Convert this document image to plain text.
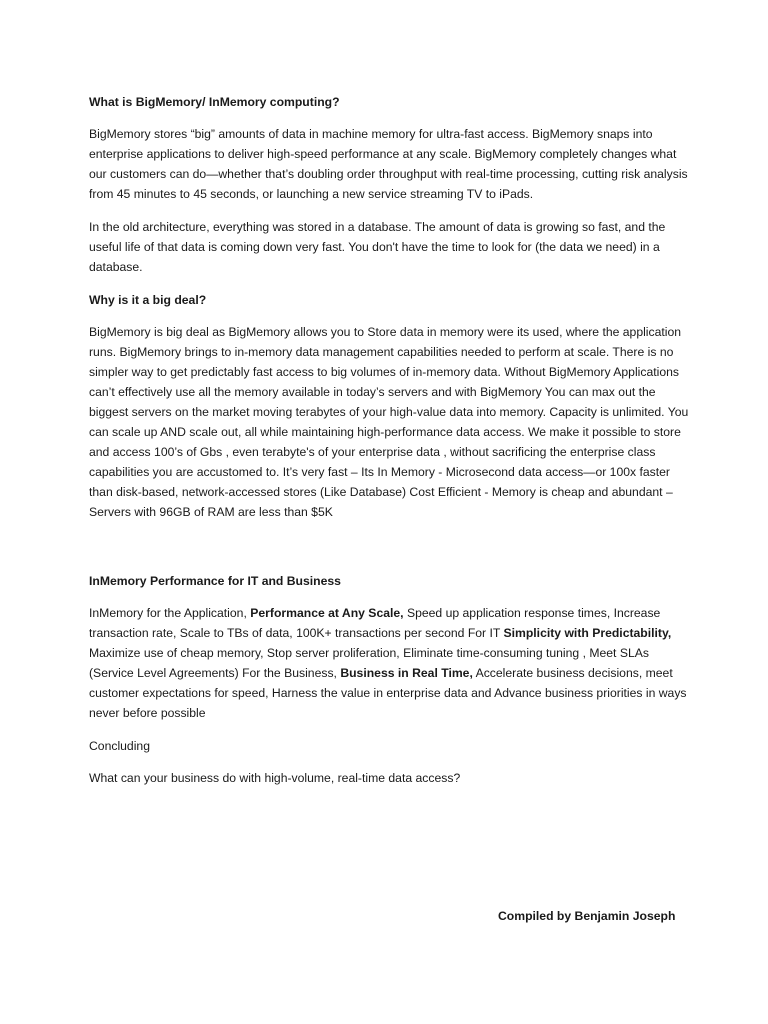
What is BigMemory/ InMemory computing?

BigMemory stores “big” amounts of data in machine memory for ultra-fast access. BigMemory snaps into enterprise applications to deliver high-speed performance at any scale. BigMemory completely changes what our customers can do—whether that’s doubling order throughput with real-time processing, cutting risk analysis from 45 minutes to 45 seconds, or launching a new service streaming TV to iPads.

In the old architecture, everything was stored in a database. The amount of data is growing so fast, and the useful life of that data is coming down very fast. You don't have the time to look for (the data we need) in a database.

Why is it a big deal?

BigMemory is big deal as BigMemory allows you to Store data in memory were its used, where the application runs. BigMemory brings to in-memory data management capabilities needed to perform at scale. There is no simpler way to get predictably fast access to big volumes of in-memory data. Without BigMemory Applications can’t effectively use all the memory available in today’s servers and with BigMemory You can max out the biggest servers on the market moving terabytes of your high-value data into memory. Capacity is unlimited. You can scale up AND scale out, all while maintaining high-performance data access. We make it possible to store and access 100’s of Gbs , even terabyte's of your enterprise data , without sacrificing the enterprise class capabilities you are accustomed to. It’s very fast – Its In Memory - Microsecond data access—or 100x faster than disk-based, network-accessed stores (Like Database) Cost Efficient - Memory is cheap and abundant – Servers with 96GB of RAM are less than $5K

InMemory Performance for IT and Business

InMemory for the Application, Performance at Any Scale, Speed up application response times, Increase transaction rate, Scale to TBs of data, 100K+ transactions per second For IT Simplicity with Predictability, Maximize use of cheap memory, Stop server proliferation, Eliminate time-consuming tuning , Meet SLAs (Service Level Agreements) For the Business, Business in Real Time, Accelerate business decisions, meet customer expectations for speed, Harness the value in enterprise data and Advance business priorities in ways never before possible

Concluding

What can your business do with high-volume, real-time data access?

Compiled by Benjamin Joseph
